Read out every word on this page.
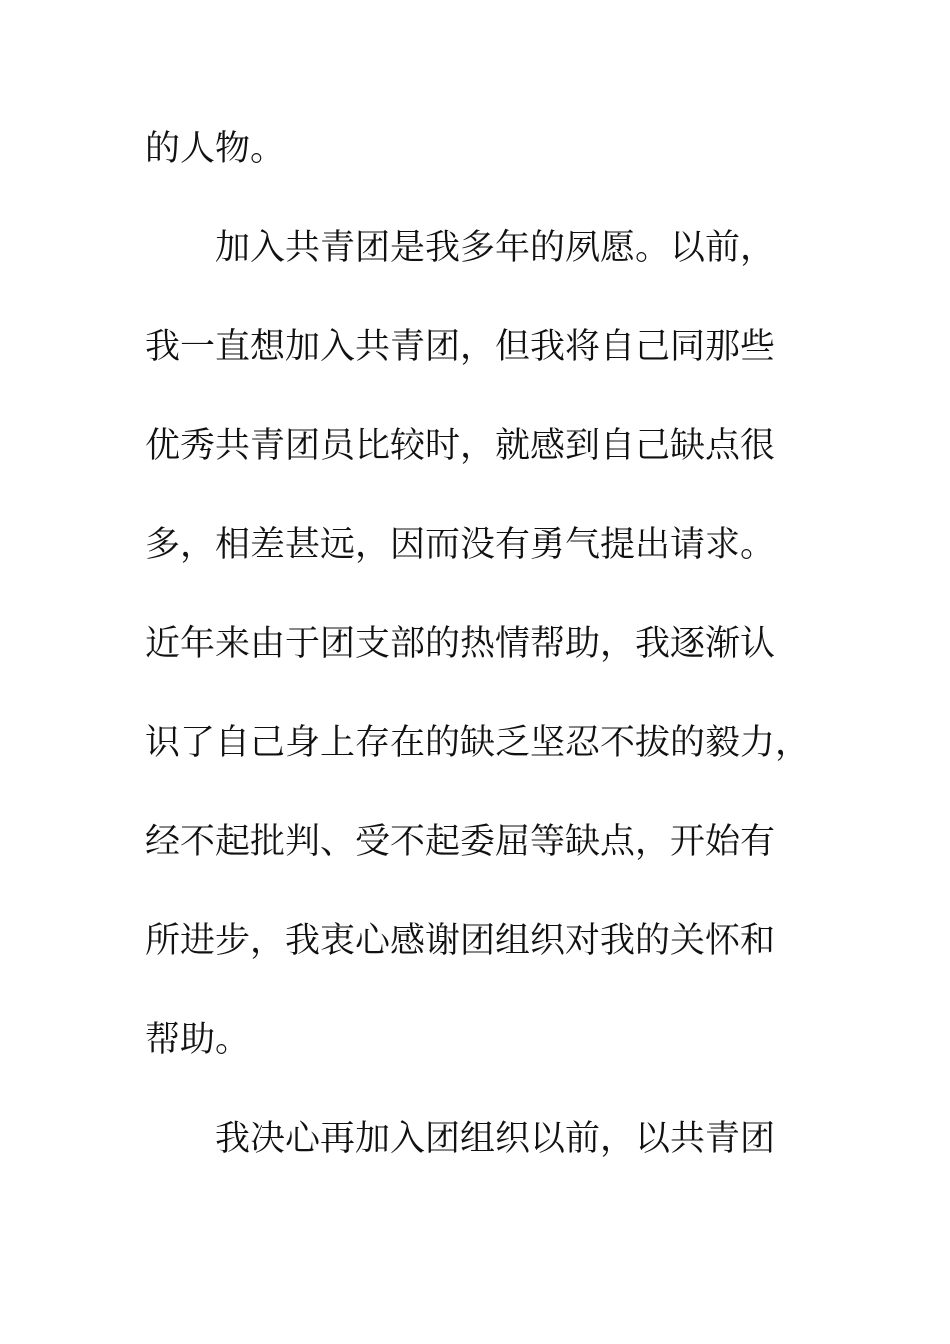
的人物。
加入共青团是我多年的夙愿。以前，
我一直想加入共青团，但我将自己同那些
优秀共青团员比较时，就感到自己缺点很
多，相差甚远，因而没有勇气提出请求。
近年来由于团支部的热情帮助，我逐渐认
识了自己身上存在的缺乏坚忍不拔的毅力，
经不起批判、受不起委屈等缺点，开始有
所进步，我衷心感谢团组织对我的关怀和
帮助。
我决心再加入团组织以前，以共青团
